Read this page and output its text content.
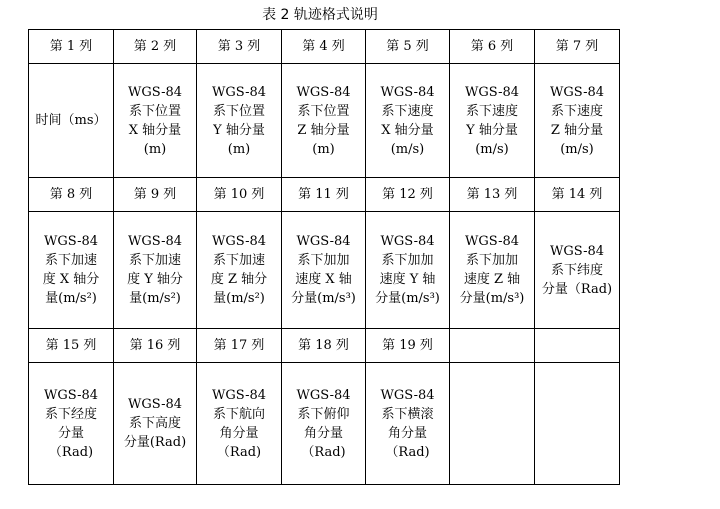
表 2 轨迹格式说明
第 1 列	第 2 列	第 3 列	第 4 列	第 5 列	第 6 列	第 7 列

时间（ms）	WGS-84
系下位置
X 轴分量
(m)	WGS-84
系下位置
Y 轴分量
(m)	WGS-84
系下位置
Z 轴分量
(m)	WGS-84
系下速度
X 轴分量
(m/s)	WGS-84
系下速度
Y 轴分量
(m/s)	WGS-84
系下速度
Z 轴分量
(m/s)

第 8 列	第 9 列	第 10 列	第 11 列	第 12 列	第 13 列	第 14 列

WGS-84
系下加速
度 X 轴分
量(m/s²)	WGS-84
系下加速
度 Y 轴分
量(m/s²)	WGS-84
系下加速
度 Z 轴分
量(m/s²)	WGS-84
系下加加
速度 X 轴
分量(m/s³)	WGS-84
系下加加
速度 Y 轴
分量(m/s³)	WGS-84
系下加加
速度 Z 轴
分量(m/s³)	WGS-84
系下纬度
分量（Rad)

第 15 列	第 16 列	第 17 列	第 18 列	第 19 列		

WGS-84
系下经度
分量
（Rad)	WGS-84
系下高度
分量(Rad)	WGS-84
系下航向
角分量
（Rad)	WGS-84
系下俯仰
角分量
（Rad)	WGS-84
系下横滚
角分量
（Rad)		
